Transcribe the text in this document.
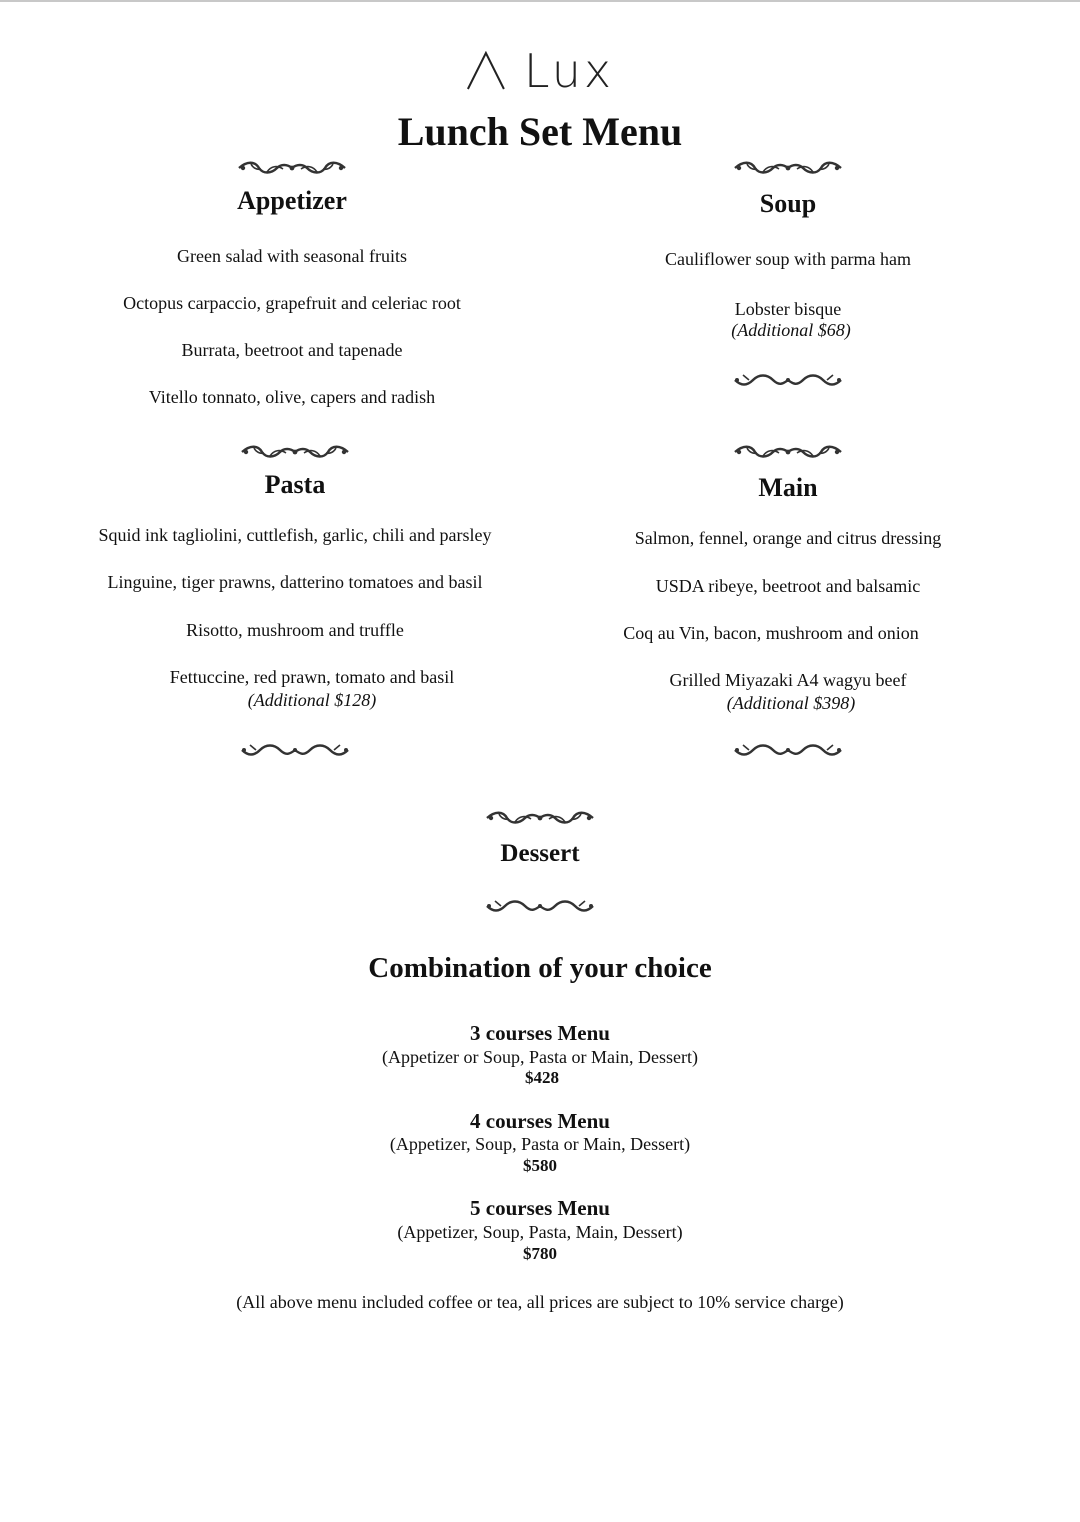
Lux
Lunch Set Menu
Appetizer
Green salad with seasonal fruits
Octopus carpaccio, grapefruit and celeriac root
Burrata, beetroot and tapenade
Vitello tonnato, olive, capers and radish
Soup
Cauliflower soup with parma ham
Lobster bisque
(Additional $68)
Pasta
Squid ink tagliolini, cuttlefish, garlic, chili and parsley
Linguine, tiger prawns, datterino tomatoes and basil
Risotto, mushroom and truffle
Fettuccine, red prawn, tomato and basil
(Additional $128)
Main
Salmon, fennel, orange and citrus dressing
USDA ribeye, beetroot and balsamic
Coq au Vin, bacon, mushroom and onion
Grilled Miyazaki A4 wagyu beef
(Additional $398)
Dessert
Combination of your choice
3 courses Menu
(Appetizer or Soup, Pasta or Main, Dessert)
$428
4 courses Menu
(Appetizer, Soup, Pasta or Main, Dessert)
$580
5 courses Menu
(Appetizer, Soup, Pasta, Main, Dessert)
$780
(All above menu included coffee or tea, all prices are subject to 10% service charge)
